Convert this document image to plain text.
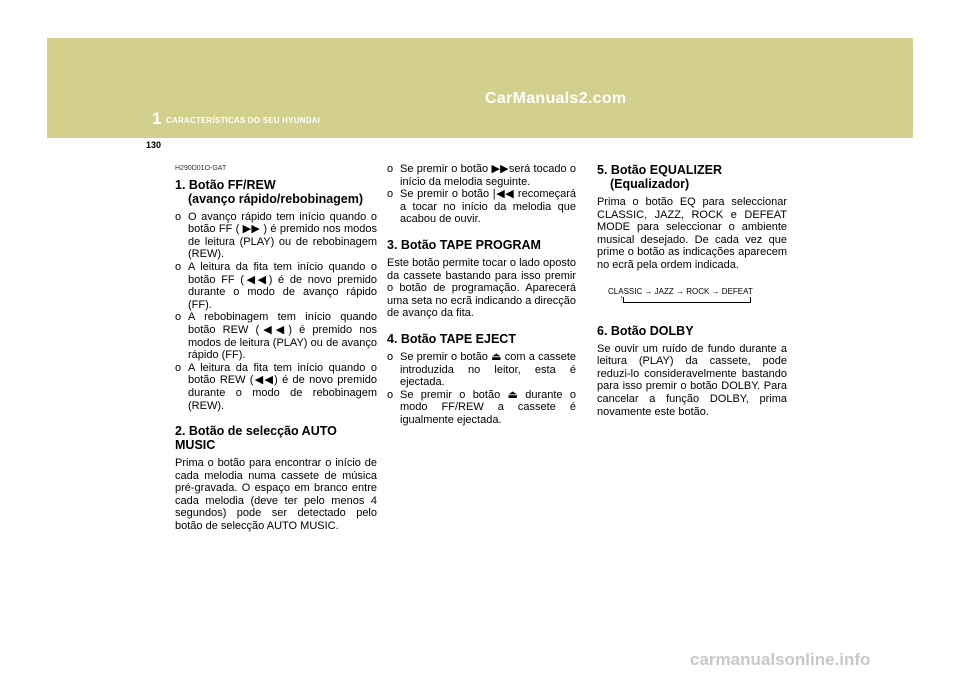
1 CARACTERÍSTICAS DO SEU HYUNDAI
CarManuals2.com
130
H290D01O-GAT
1. Botão FF/REW
(avanço rápido/rebobinagem)
o O avanço rápido tem início quando o botão FF ( ▶▶ ) é premido nos modos de leitura (PLAY) ou de rebobinagem (REW).
o A leitura da fita tem início quando o botão FF (◀◀) é de novo premido durante o modo de avanço rápido (FF).
o A rebobinagem tem início quando botão REW (◀◀) é premido nos modos de leitura (PLAY) ou de avanço rápido (FF).
o A leitura da fita tem início quando o botão REW (◀◀) é de novo premido durante o modo de rebobinagem (REW).
2. Botão de selecção AUTO MUSIC

Prima o botão para encontrar o início de cada melodia numa cassete de música pré-gravada. O espaço em branco entre cada melodia (deve ter pelo menos 4 segundos) pode ser detectado pelo botão de selecção AUTO MUSIC.

o Se premir o botão ▶▶será tocado o início da melodia seguinte.
o Se premir o botão |◀◀ recomeçará a tocar no início da melodia que acabou de ouvir.
3. Botão TAPE PROGRAM

Este botão permite tocar o lado oposto da cassete bastando para isso premir o botão de programação. Aparecerá uma seta no ecrã indicando a direcção de avanço da fita.

4. Botão TAPE EJECT
o Se premir o botão ⏏ com a cassete introduzida no leitor, esta é ejectada.
o Se premir o botão ⏏ durante o modo FF/REW a cassete é igualmente ejectada.
5. Botão EQUALIZER
(Equalizador)

Prima o botão EQ para seleccionar CLASSIC, JAZZ, ROCK e DEFEAT MODE para seleccionar o ambiente musical desejado. De cada vez que prime o botão as indicações aparecem no ecrã pela ordem indicada.

CLASSIC → JAZZ → ROCK → DEFEAT
↑
6. Botão DOLBY

Se ouvir um ruído de fundo durante a leitura (PLAY) da cassete, pode reduzi-lo consideravelmente bastando para isso premir o botão DOLBY. Para cancelar a função DOLBY, prima novamente este botão.

carmanualsonline.info
